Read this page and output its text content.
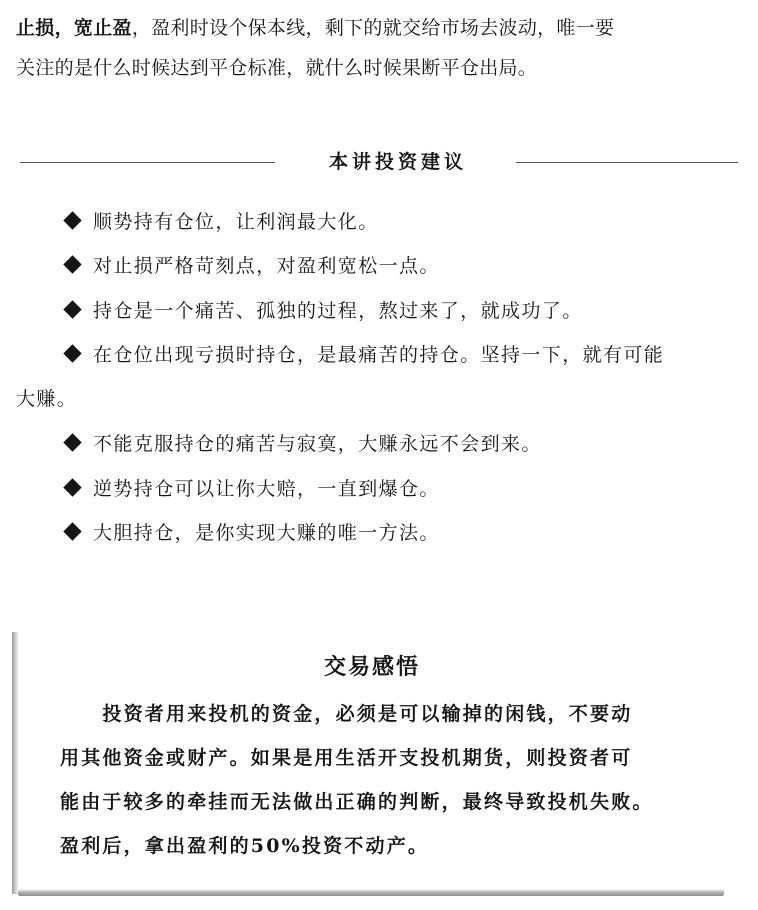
止损，宽止盈，盈利时设个保本线，剩下的就交给市场去波动，唯一要
关注的是什么时候达到平仓标准，就什么时候果断平仓出局。
本讲投资建议
顺势持有仓位，让利润最大化。
对止损严格苛刻点，对盈利宽松一点。
持仓是一个痛苦、孤独的过程，熬过来了，就成功了。
在仓位出现亏损时持仓，是最痛苦的持仓。坚持一下，就有可能
大赚。
不能克服持仓的痛苦与寂寞，大赚永远不会到来。
逆势持仓可以让你大赔，一直到爆仓。
大胆持仓，是你实现大赚的唯一方法。
交易感悟
　　投资者用来投机的资金，必须是可以输掉的闲钱，不要动
用其他资金或财产。如果是用生活开支投机期货，则投资者可
能由于较多的牵挂而无法做出正确的判断，最终导致投机失败。
盈利后，拿出盈利的50%投资不动产。
